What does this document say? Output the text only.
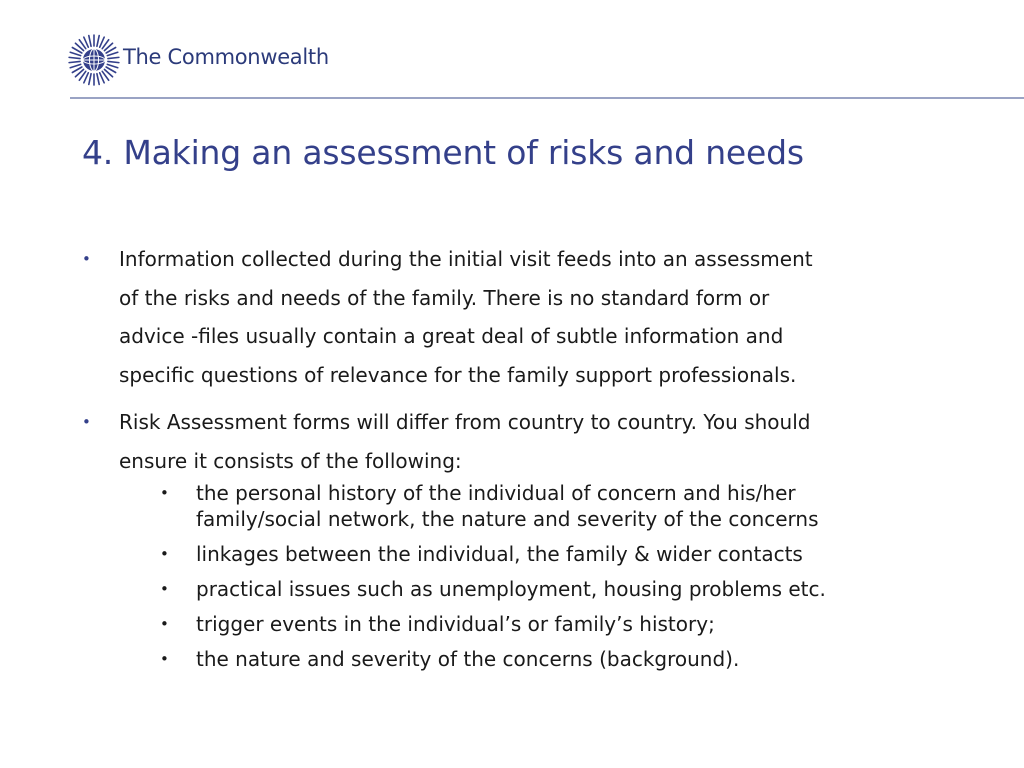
The Commonwealth
4. Making an assessment of risks and needs
• Information collected during the initial visit feeds into an assessment
of the risks and needs of the family. There is no standard form or
advice -files usually contain a great deal of subtle information and
specific questions of relevance for the family support professionals.
• Risk Assessment forms will differ from country to country. You should
ensure it consists of the following:
• the personal history of the individual of concern and his/her
family/social network, the nature and severity of the concerns
• linkages between the individual, the family & wider contacts
• practical issues such as unemployment, housing problems etc.
• trigger events in the individual’s or family’s history;
• the nature and severity of the concerns (background).
